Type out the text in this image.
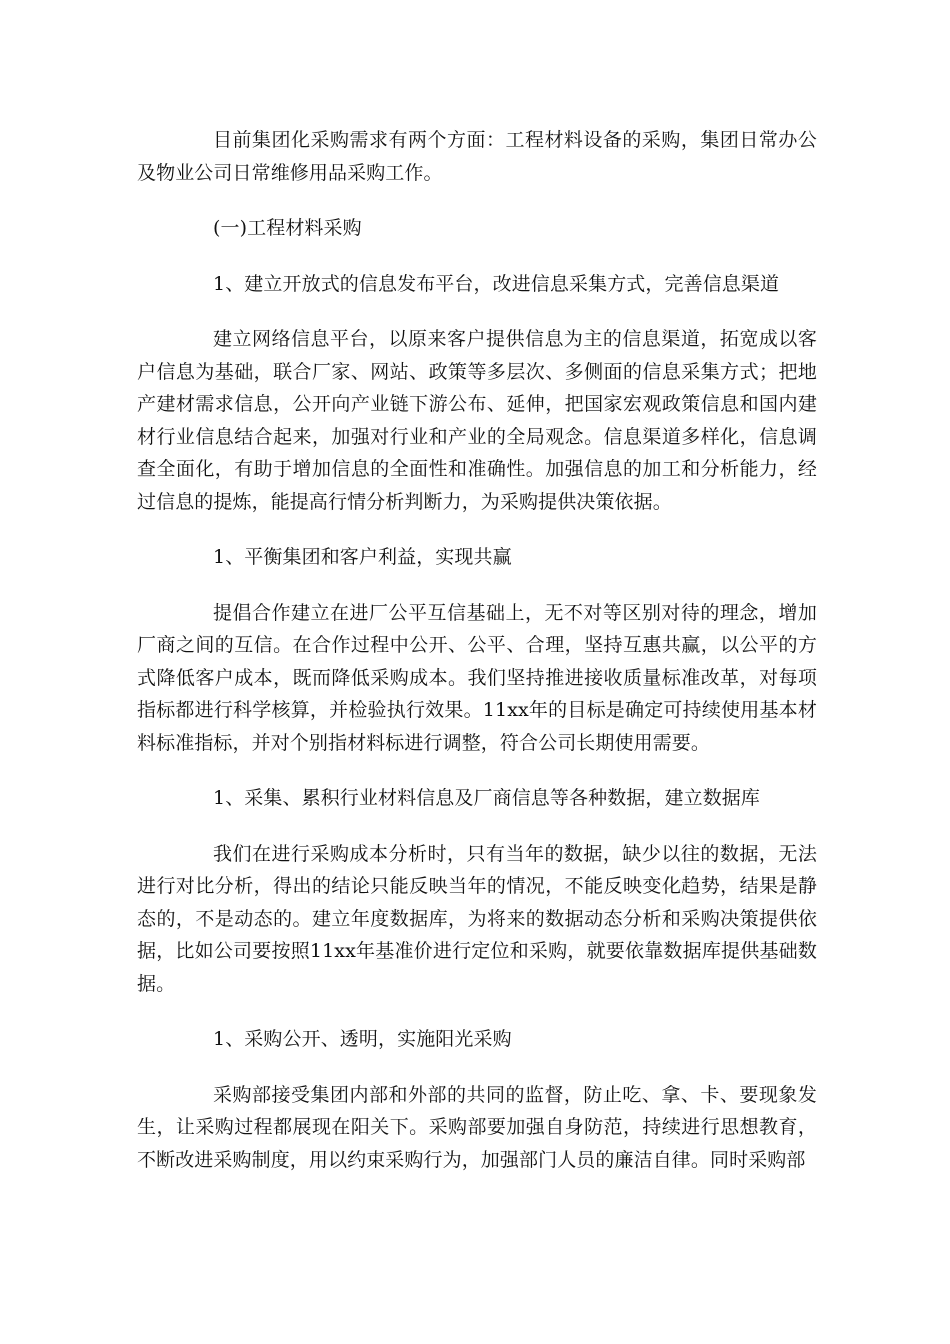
目前集团化采购需求有两个方面：工程材料设备的采购，集团日常办公及物业公司日常维修用品采购工作。

(一)工程材料采购

1、建立开放式的信息发布平台，改进信息采集方式，完善信息渠道

建立网络信息平台，以原来客户提供信息为主的信息渠道，拓宽成以客户信息为基础，联合厂家、网站、政策等多层次、多侧面的信息采集方式；把地产建材需求信息，公开向产业链下游公布、延伸，把国家宏观政策信息和国内建材行业信息结合起来，加强对行业和产业的全局观念。信息渠道多样化，信息调查全面化，有助于增加信息的全面性和准确性。加强信息的加工和分析能力，经过信息的提炼，能提高行情分析判断力，为采购提供决策依据。

1、平衡集团和客户利益，实现共赢

提倡合作建立在进厂公平互信基础上，无不对等区别对待的理念，增加厂商之间的互信。在合作过程中公开、公平、合理，坚持互惠共赢，以公平的方式降低客户成本，既而降低采购成本。我们坚持推进接收质量标准改革，对每项指标都进行科学核算，并检验执行效果。11xx年的目标是确定可持续使用基本材料标准指标，并对个别指材料标进行调整，符合公司长期使用需要。

1、采集、累积行业材料信息及厂商信息等各种数据，建立数据库

我们在进行采购成本分析时，只有当年的数据，缺少以往的数据，无法进行对比分析，得出的结论只能反映当年的情况，不能反映变化趋势，结果是静态的，不是动态的。建立年度数据库，为将来的数据动态分析和采购决策提供依据，比如公司要按照11xx年基准价进行定位和采购，就要依靠数据库提供基础数据。

1、采购公开、透明，实施阳光采购

采购部接受集团内部和外部的共同的监督，防止吃、拿、卡、要现象发生，让采购过程都展现在阳关下。采购部要加强自身防范，持续进行思想教育，不断改进采购制度，用以约束采购行为，加强部门人员的廉洁自律。同时采购部
